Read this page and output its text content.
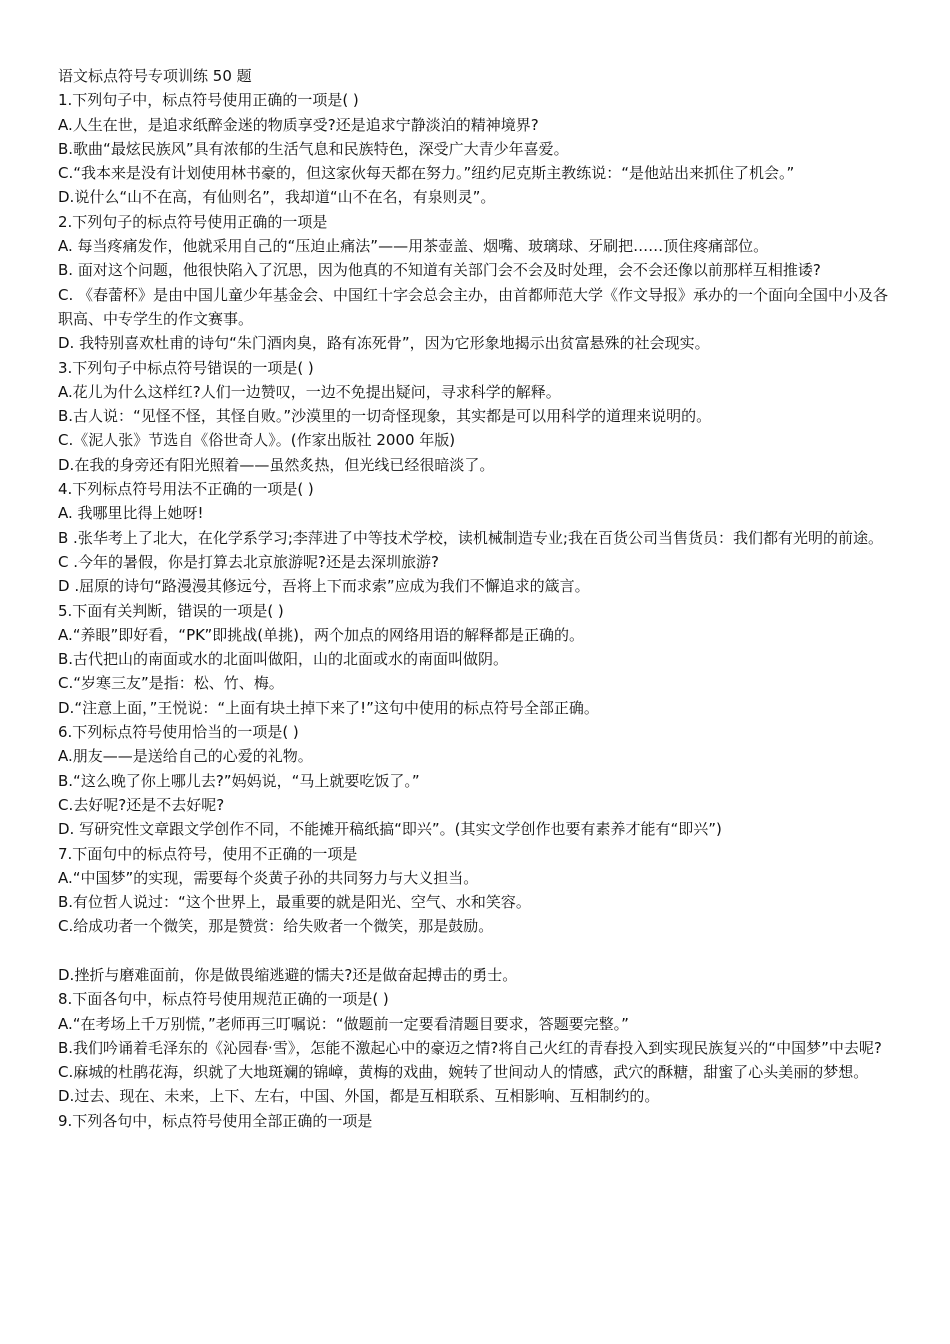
语文标点符号专项训练 50 题

1.下列句子中，标点符号使用正确的一项是( )

A.人生在世，是追求纸醉金迷的物质享受?还是追求宁静淡泊的精神境界?

B.歌曲“最炫民族风”具有浓郁的生活气息和民族特色，深受广大青少年喜爱。

C.“我本来是没有计划使用林书豪的，但这家伙每天都在努力。”纽约尼克斯主教练说：“是他站出来抓住了机会。”

D.说什么“山不在高，有仙则名”，我却道“山不在名，有泉则灵”。

2.下列句子的标点符号使用正确的一项是

A. 每当疼痛发作，他就采用自己的“压迫止痛法”——用茶壶盖、烟嘴、玻璃球、牙刷把……顶住疼痛部位。

B. 面对这个问题，他很快陷入了沉思，因为他真的不知道有关部门会不会及时处理，会不会还像以前那样互相推诿?

C. 《春蕾杯》是由中国儿童少年基金会、中国红十字会总会主办，由首都师范大学《作文导报》承办的一个面向全国中小及各职高、中专学生的作文赛事。

D. 我特别喜欢杜甫的诗句“朱门酒肉臭，路有冻死骨”，因为它形象地揭示出贫富悬殊的社会现实。

3.下列句子中标点符号错误的一项是( )

A.花儿为什么这样红?人们一边赞叹，一边不免提出疑问，寻求科学的解释。

B.古人说：“见怪不怪，其怪自败。”沙漠里的一切奇怪现象，其实都是可以用科学的道理来说明的。

C.《泥人张》节选自《俗世奇人》。(作家出版社 2000 年版)

D.在我的身旁还有阳光照着——虽然炙热，但光线已经很暗淡了。

4.下列标点符号用法不正确的一项是( )

A. 我哪里比得上她呀!

B .张华考上了北大，在化学系学习;李萍进了中等技术学校，读机械制造专业;我在百货公司当售货员：我们都有光明的前途。

C .今年的暑假，你是打算去北京旅游呢?还是去深圳旅游?

D .屈原的诗句“路漫漫其修远兮，吾将上下而求索”应成为我们不懈追求的箴言。

5.下面有关判断，错误的一项是( )

A.“养眼”即好看，“PK”即挑战(单挑)，两个加点的网络用语的解释都是正确的。

B.古代把山的南面或水的北面叫做阳，山的北面或水的南面叫做阴。

C.“岁寒三友”是指：松、竹、梅。

D.“注意上面，”王悦说：“上面有块土掉下来了!”这句中使用的标点符号全部正确。

6.下列标点符号使用恰当的一项是( )

A.朋友——是送给自己的心爱的礼物。

B.“这么晚了你上哪儿去?”妈妈说，“马上就要吃饭了。”

C.去好呢?还是不去好呢?

D. 写研究性文章跟文学创作不同，不能摊开稿纸搞“即兴”。(其实文学创作也要有素养才能有“即兴”)

7.下面句中的标点符号，使用不正确的一项是

A.“中国梦”的实现，需要每个炎黄子孙的共同努力与大义担当。

B.有位哲人说过：“这个世界上，最重要的就是阳光、空气、水和笑容。

C.给成功者一个微笑，那是赞赏：给失败者一个微笑，那是鼓励。

D.挫折与磨难面前，你是做畏缩逃避的懦夫?还是做奋起搏击的勇士。

8.下面各句中，标点符号使用规范正确的一项是( )

A.“在考场上千万别慌，”老师再三叮嘱说：“做题前一定要看清题目要求，答题要完整。”

B.我们吟诵着毛泽东的《沁园春·雪》，怎能不激起心中的豪迈之情?将自己火红的青春投入到实现民族复兴的“中国梦”中去呢?

C.麻城的杜鹃花海，织就了大地斑斓的锦嶂，黄梅的戏曲，婉转了世间动人的情感，武穴的酥糖，甜蜜了心头美丽的梦想。

D.过去、现在、未来，上下、左右，中国、外国，都是互相联系、互相影响、互相制约的。

9.下列各句中，标点符号使用全部正确的一项是
